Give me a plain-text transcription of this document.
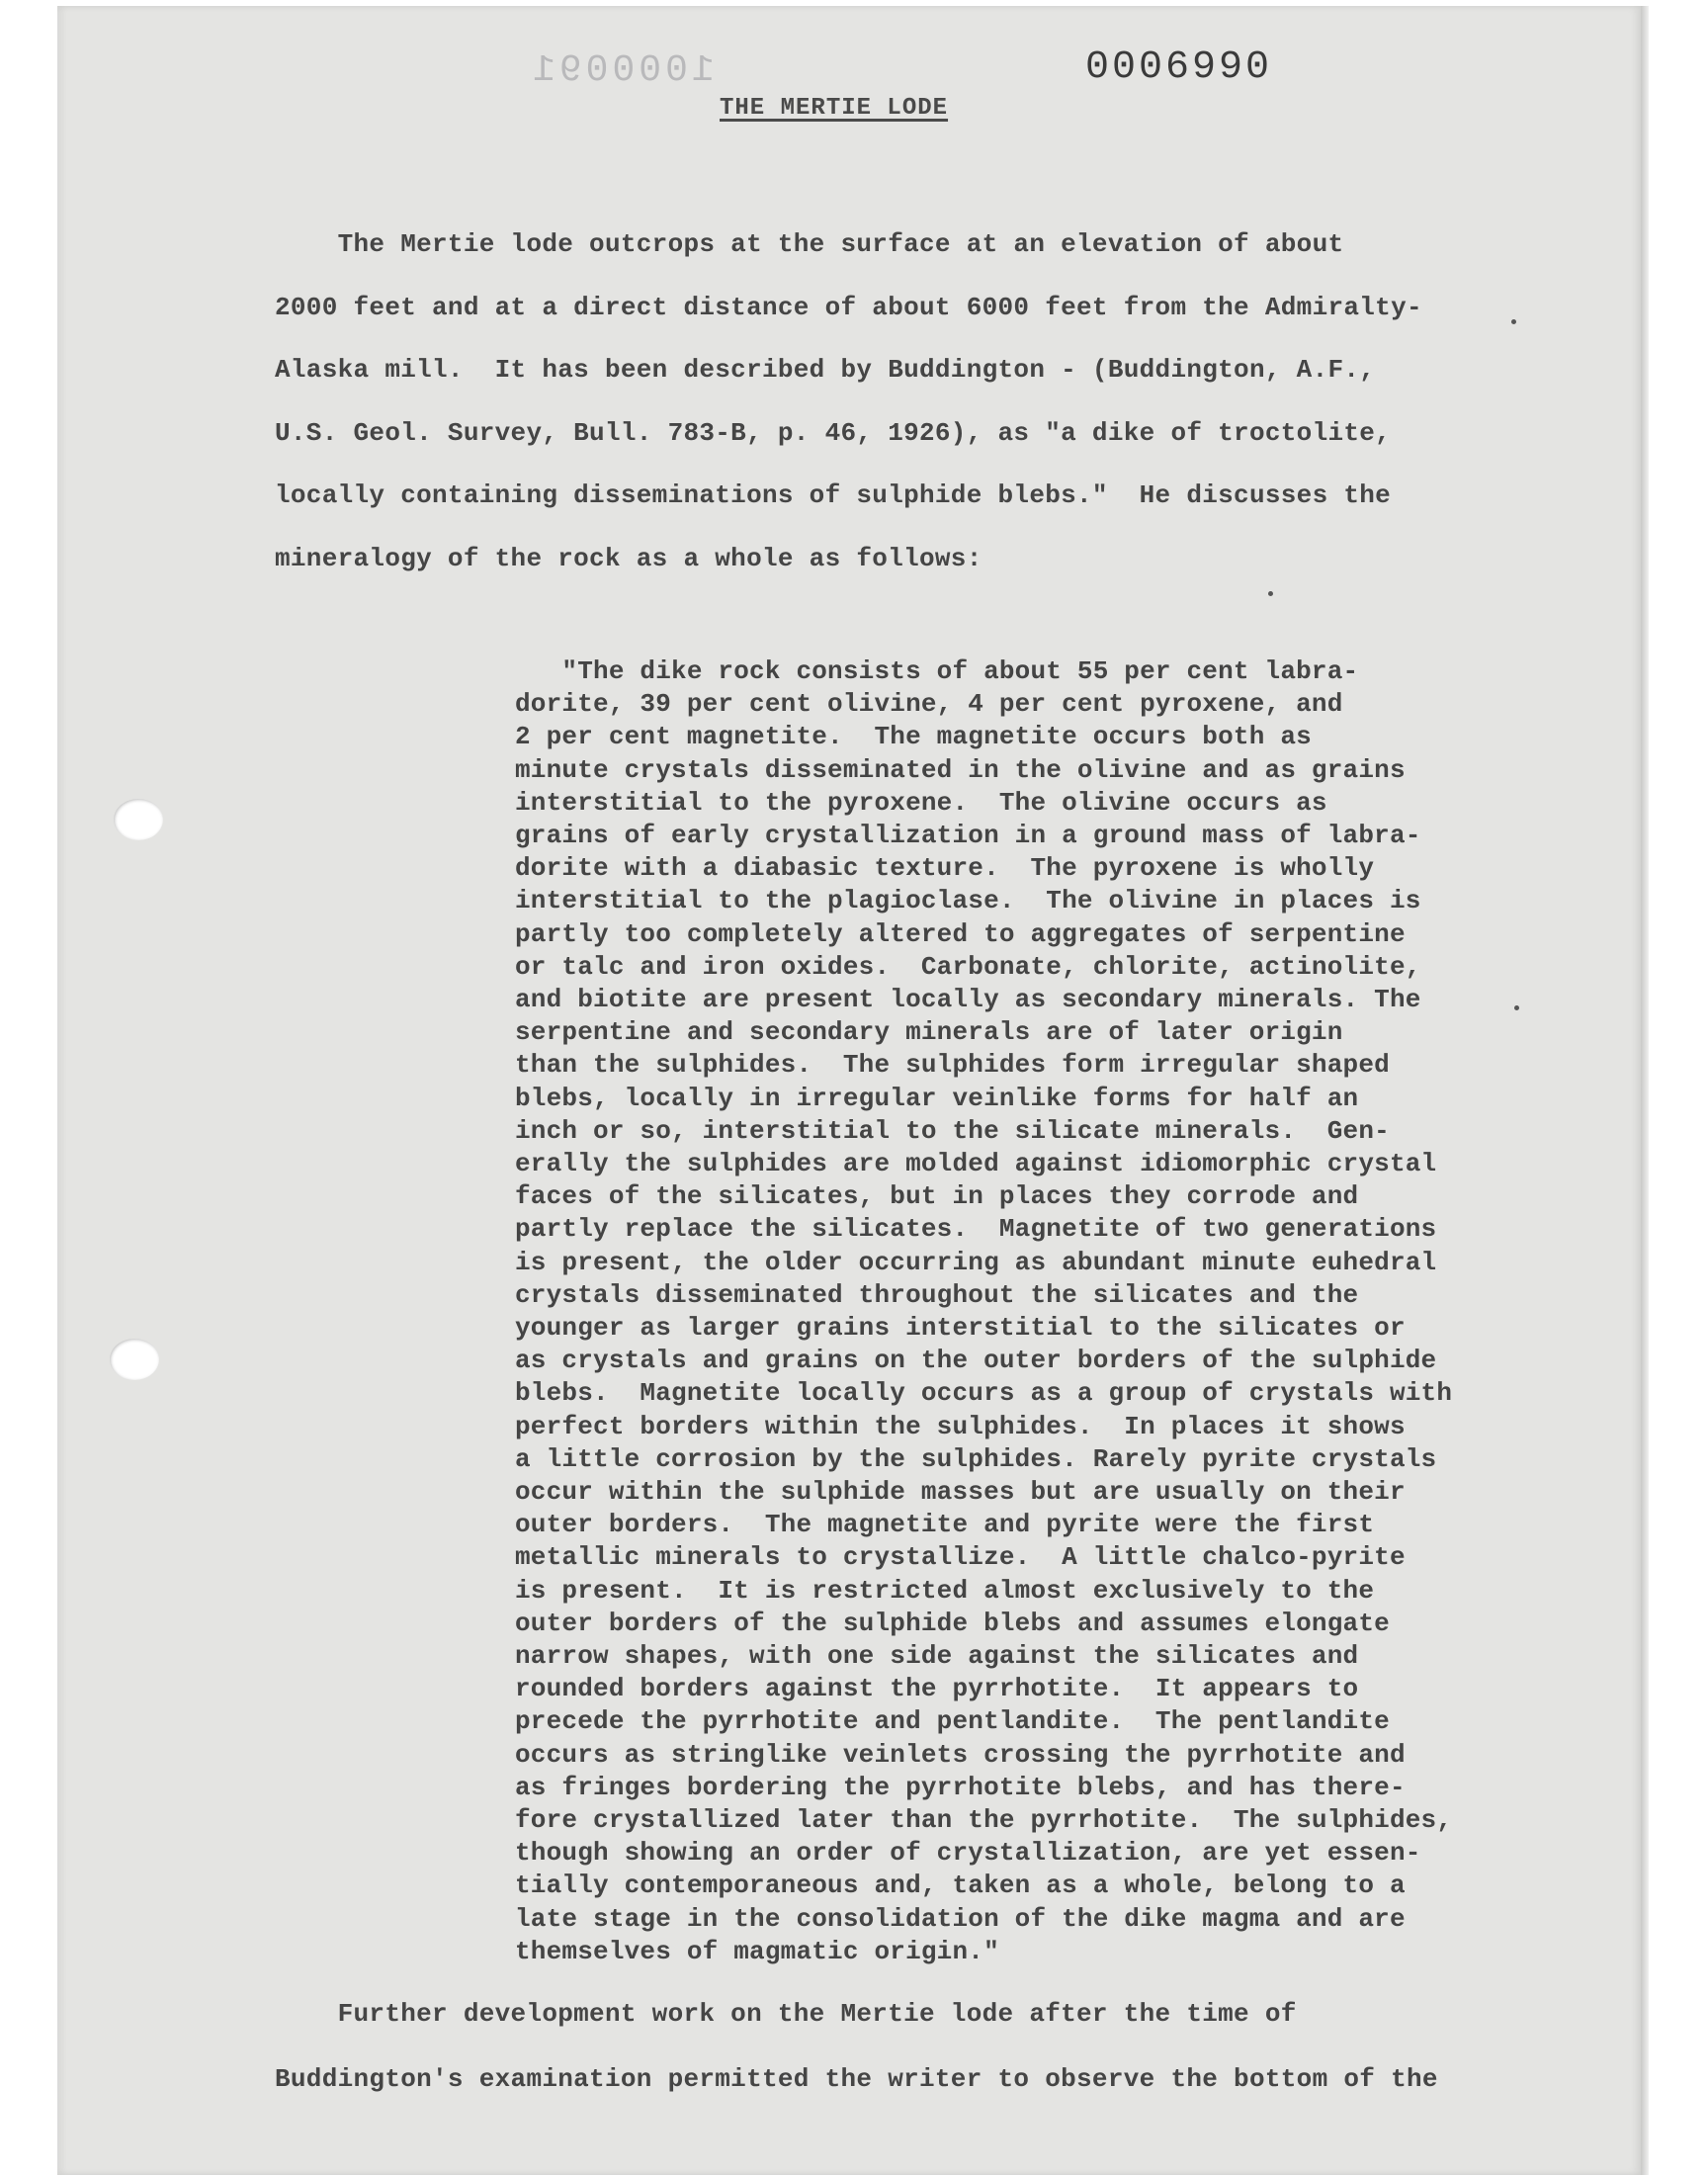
1000091	0006990
THE MERTIE LODE
The Mertie lode outcrops at the surface at an elevation of about
2000 feet and at a direct distance of about 6000 feet from the Admiralty-
Alaska mill.  It has been described by Buddington - (Buddington, A.F.,
U.S. Geol. Survey, Bull. 783-B, p. 46, 1926), as "a dike of troctolite,
locally containing disseminations of sulphide blebs."  He discusses the
mineralogy of the rock as a whole as follows:
"The dike rock consists of about 55 per cent labra-
dorite, 39 per cent olivine, 4 per cent pyroxene, and
2 per cent magnetite.  The magnetite occurs both as
minute crystals disseminated in the olivine and as grains
interstitial to the pyroxene.  The olivine occurs as
grains of early crystallization in a ground mass of labra-
dorite with a diabasic texture.  The pyroxene is wholly
interstitial to the plagioclase.  The olivine in places is
partly too completely altered to aggregates of serpentine
or talc and iron oxides.  Carbonate, chlorite, actinolite,
and biotite are present locally as secondary minerals. The
serpentine and secondary minerals are of later origin
than the sulphides.  The sulphides form irregular shaped
blebs, locally in irregular veinlike forms for half an
inch or so, interstitial to the silicate minerals.  Gen-
erally the sulphides are molded against idiomorphic crystal
faces of the silicates, but in places they corrode and
partly replace the silicates.  Magnetite of two generations
is present, the older occurring as abundant minute euhedral
crystals disseminated throughout the silicates and the
younger as larger grains interstitial to the silicates or
as crystals and grains on the outer borders of the sulphide
blebs.  Magnetite locally occurs as a group of crystals with
perfect borders within the sulphides.  In places it shows
a little corrosion by the sulphides. Rarely pyrite crystals
occur within the sulphide masses but are usually on their
outer borders.  The magnetite and pyrite were the first
metallic minerals to crystallize.  A little chalco-pyrite
is present.  It is restricted almost exclusively to the
outer borders of the sulphide blebs and assumes elongate
narrow shapes, with one side against the silicates and
rounded borders against the pyrrhotite.  It appears to
precede the pyrrhotite and pentlandite.  The pentlandite
occurs as stringlike veinlets crossing the pyrrhotite and
as fringes bordering the pyrrhotite blebs, and has there-
fore crystallized later than the pyrrhotite.  The sulphides,
though showing an order of crystallization, are yet essen-
tially contemporaneous and, taken as a whole, belong to a
late stage in the consolidation of the dike magma and are
themselves of magmatic origin."
Further development work on the Mertie lode after the time of
Buddington's examination permitted the writer to observe the bottom of the
